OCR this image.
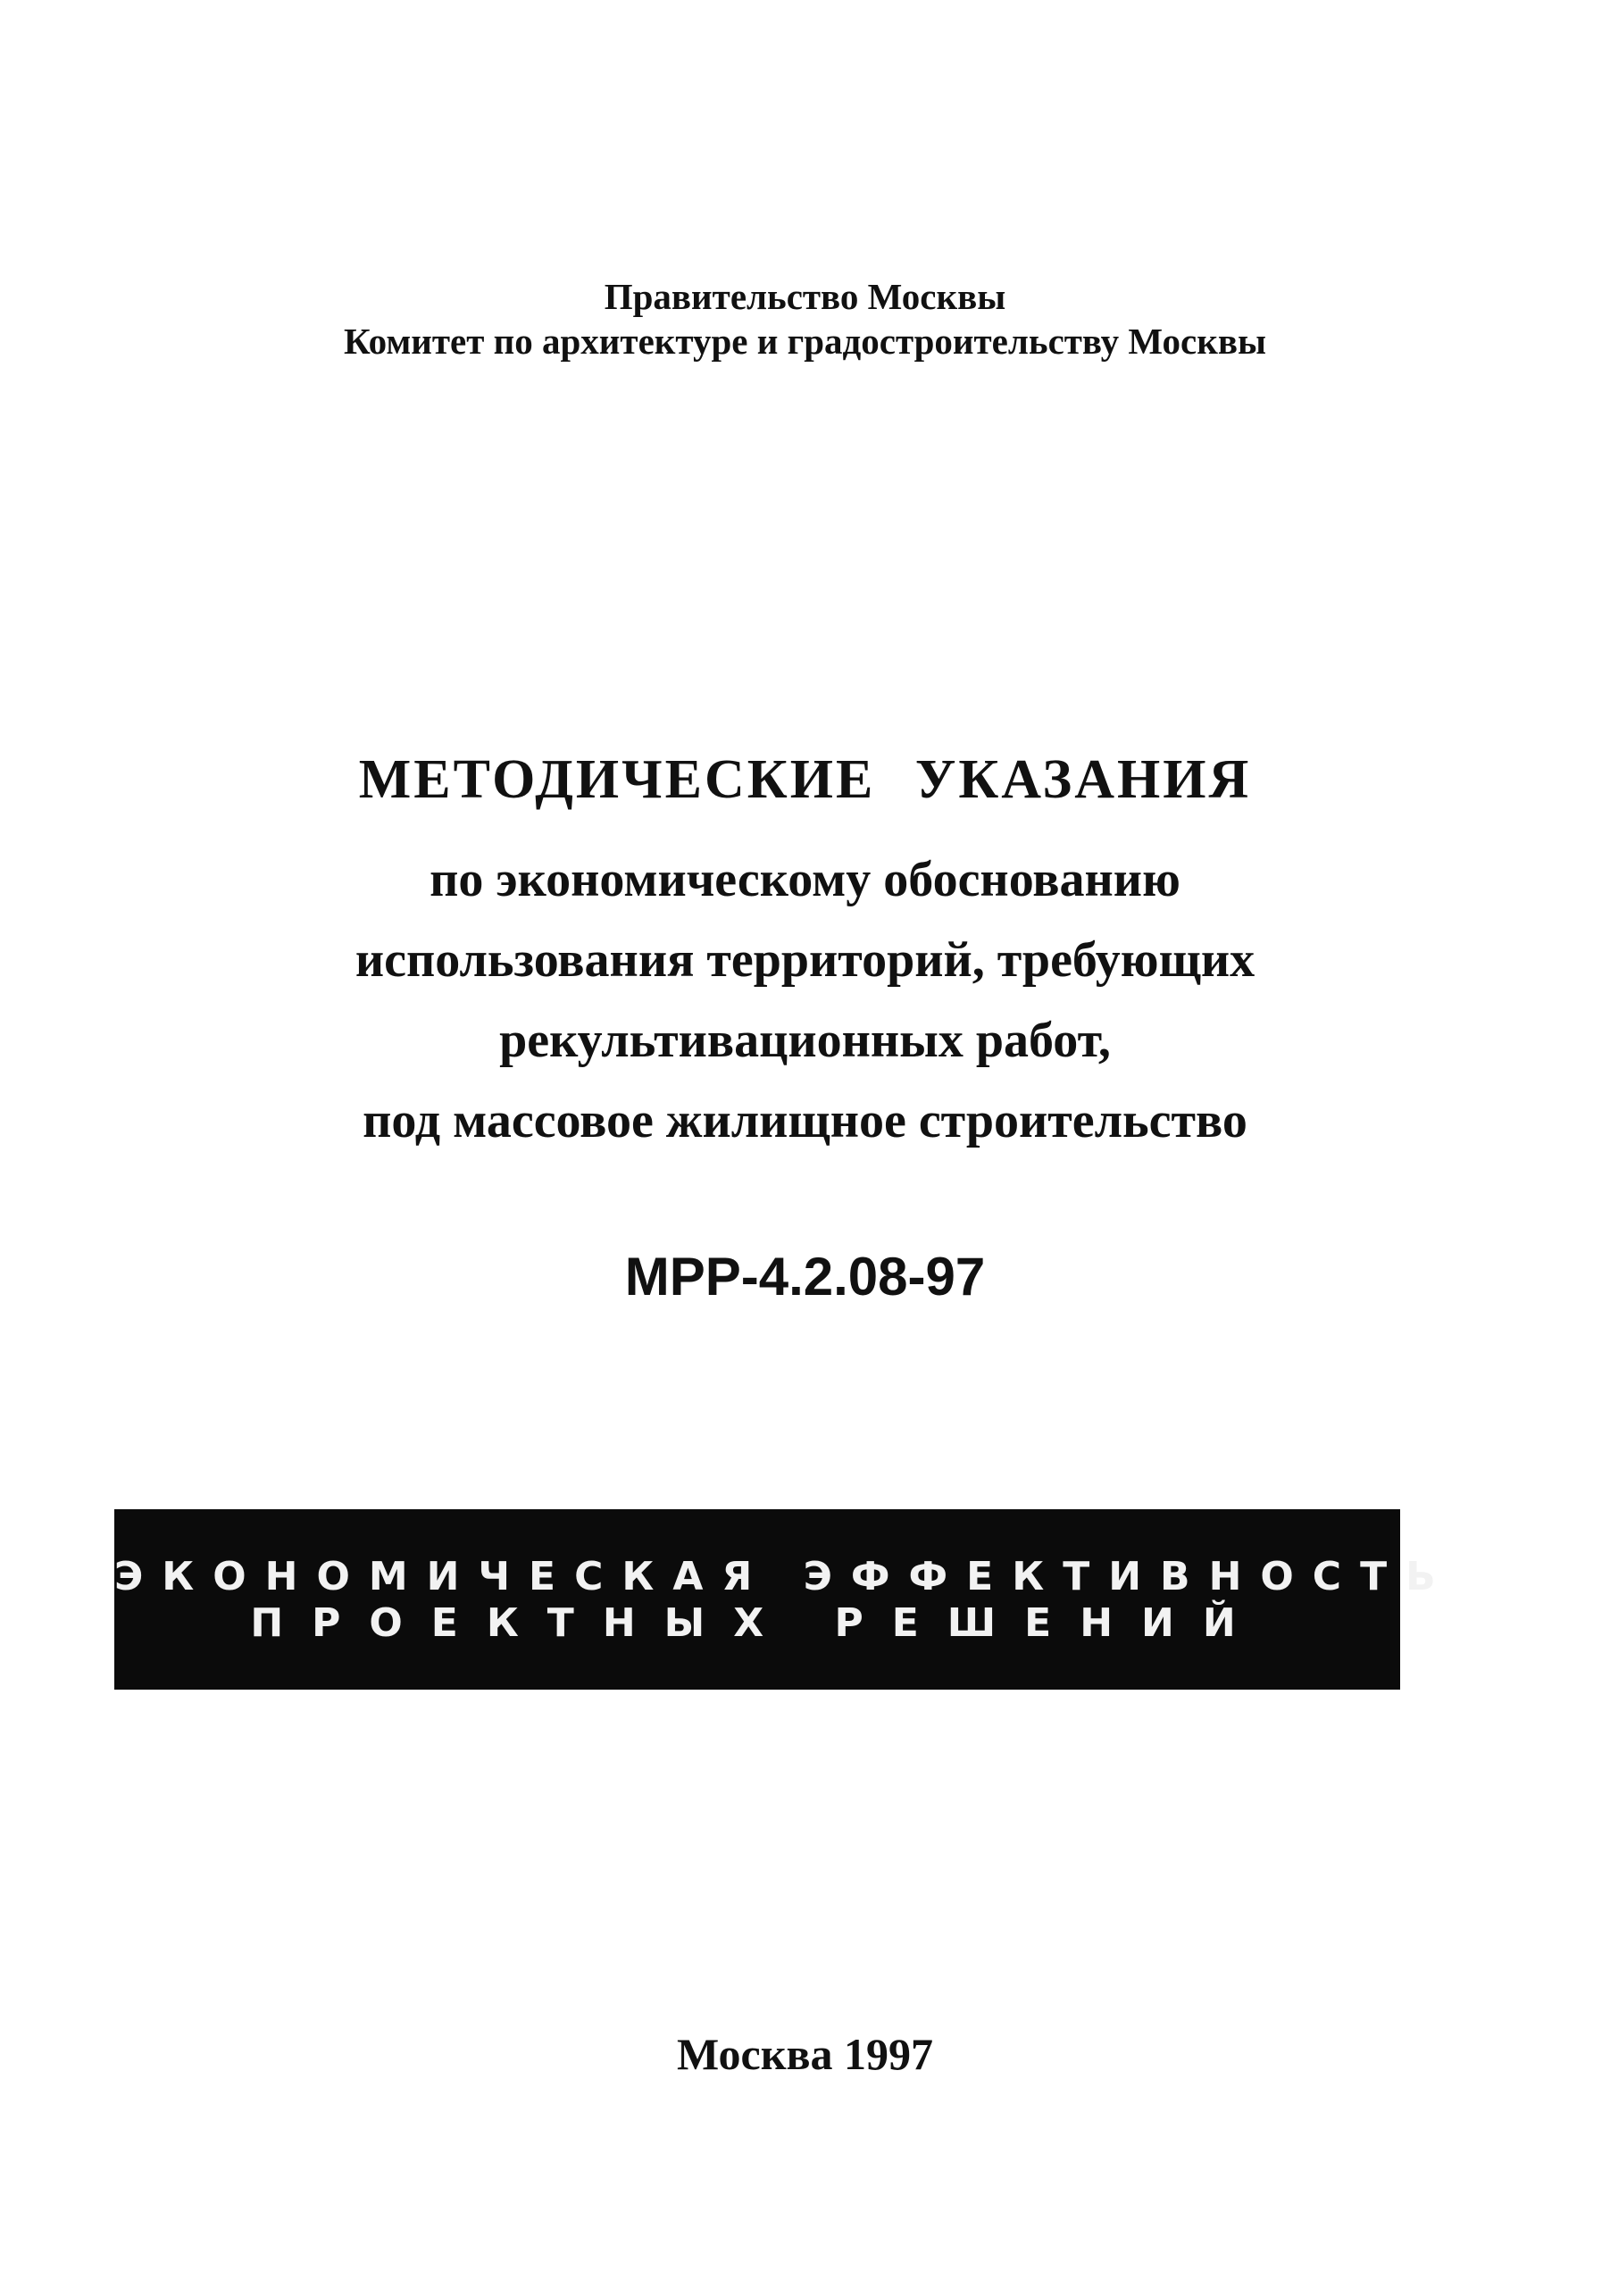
Правительство Москвы
Комитет по архитектуре и градостроительству Москвы
МЕТОДИЧЕСКИЕ УКАЗАНИЯ
по экономическому обоснованию
использования территорий, требующих
рекультивационных работ,
под массовое жилищное строительство
МРР-4.2.08-97
ЭКОНОМИЧЕСКАЯ ЭФФЕКТИВНОСТЬ
ПРОЕКТНЫХ РЕШЕНИЙ
Москва 1997
